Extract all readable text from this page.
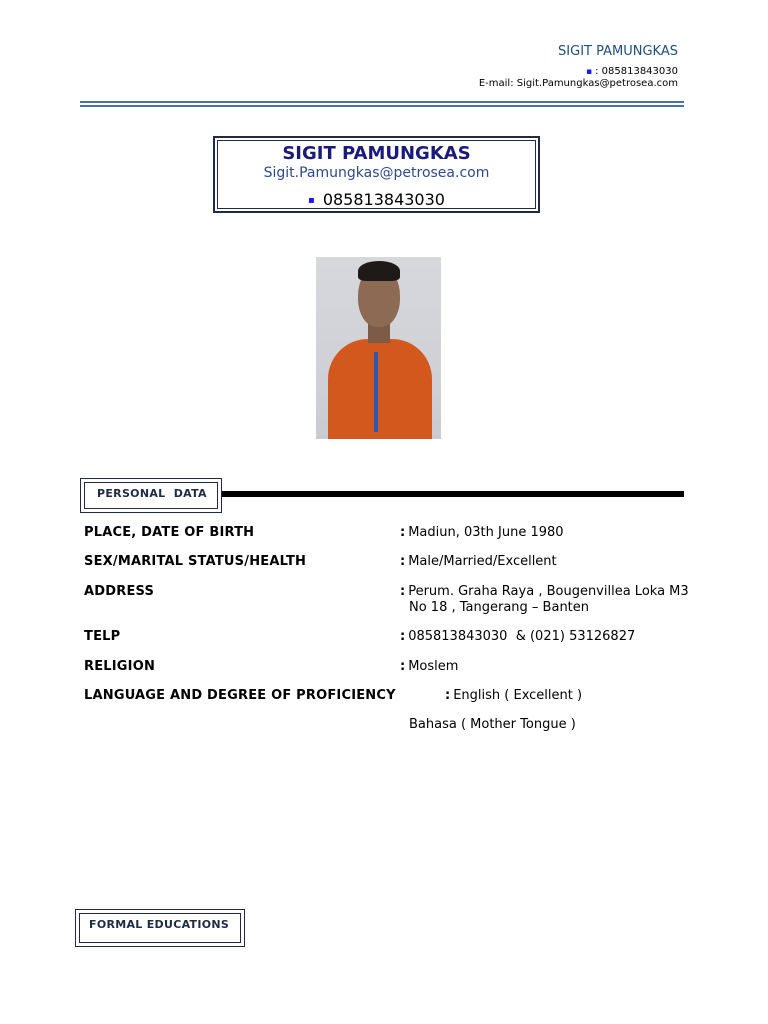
SIGIT PAMUNGKAS
▪ : 085813843030
E-mail: Sigit.Pamungkas@petrosea.com
SIGIT PAMUNGKAS
Sigit.Pamungkas@petrosea.com
▪ 085813843030
PERSONAL  DATA
PLACE, DATE OF BIRTH	: Madiun, 03th June 1980
SEX/MARITAL STATUS/HEALTH	: Male/Married/Excellent
ADDRESS	: Perum. Graha Raya , Bougenvillea Loka M3
No 18 , Tangerang – Banten
TELP	: 085813843030  & (021) 53126827
RELIGION	: Moslem
LANGUAGE AND DEGREE OF PROFICIENCY	: English ( Excellent )
Bahasa ( Mother Tongue )
FORMAL EDUCATIONS
